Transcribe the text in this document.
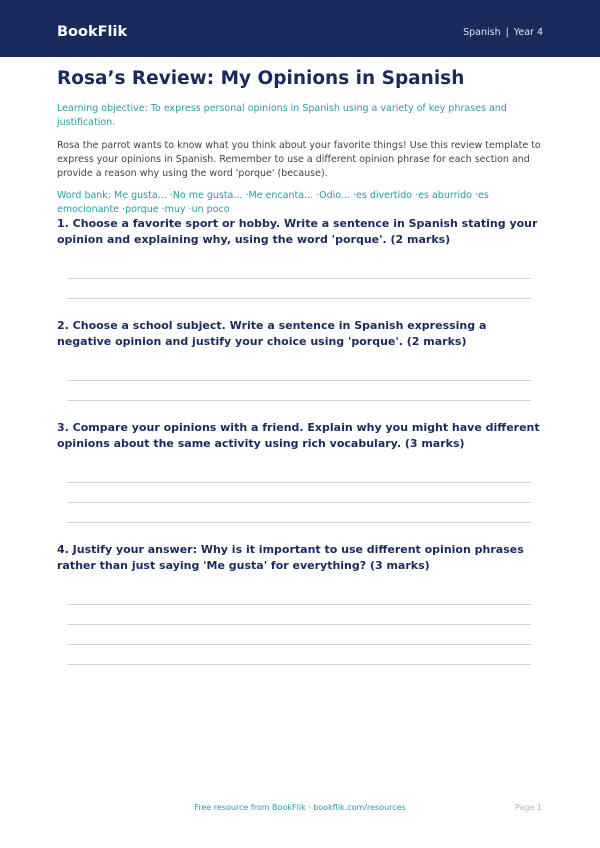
BookFlik	Spanish | Year 4
Rosa’s Review: My Opinions in Spanish
Learning objective: To express personal opinions in Spanish using a variety of key phrases and justification.
Rosa the parrot wants to know what you think about your favorite things! Use this review template to express your opinions in Spanish. Remember to use a different opinion phrase for each section and provide a reason why using the word 'porque' (because).
Word bank: Me gusta... · No me gusta... · Me encanta... · Odio... · es divertido · es aburrido · es emocionante · porque · muy · un poco
1. Choose a favorite sport or hobby. Write a sentence in Spanish stating your opinion and explaining why, using the word 'porque'. (2 marks)
2. Choose a school subject. Write a sentence in Spanish expressing a negative opinion and justify your choice using 'porque'. (2 marks)
3. Compare your opinions with a friend. Explain why you might have different opinions about the same activity using rich vocabulary. (3 marks)
4. Justify your answer: Why is it important to use different opinion phrases rather than just saying 'Me gusta' for everything? (3 marks)
Free resource from BookFlik · bookflik.com/resources	Page 1
